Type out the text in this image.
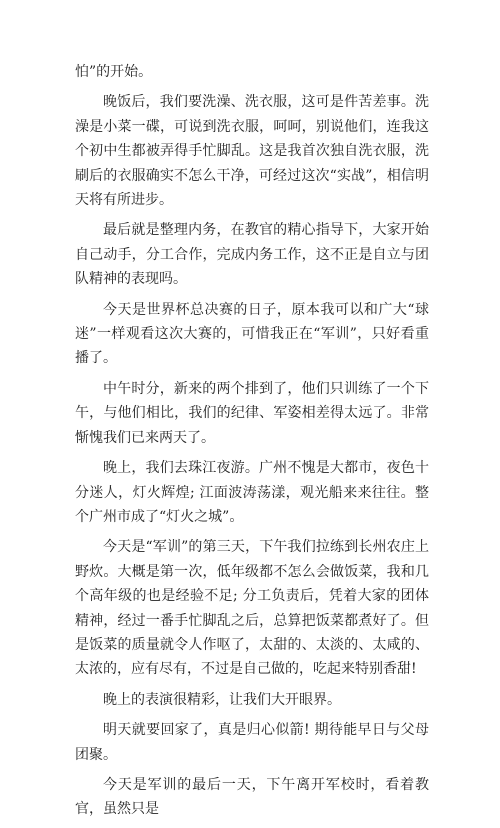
怕”的开始。

晚饭后，我们要洗澡、洗衣服，这可是件苦差事。洗澡是小菜一碟，可说到洗衣服，呵呵，别说他们，连我这个初中生都被弄得手忙脚乱。这是我首次独自洗衣服，洗刷后的衣服确实不怎么干净，可经过这次“实战”，相信明天将有所进步。

最后就是整理内务，在教官的精心指导下，大家开始自己动手，分工合作，完成内务工作，这不正是自立与团队精神的表现吗。

今天是世界杯总决赛的日子，原本我可以和广大“球迷”一样观看这次大赛的，可惜我正在“军训”，只好看重播了。

中午时分，新来的两个排到了，他们只训练了一个下午，与他们相比，我们的纪律、军姿相差得太远了。非常惭愧我们已来两天了。

晚上，我们去珠江夜游。广州不愧是大都市，夜色十分迷人，灯火辉煌; 江面波涛荡漾，观光船来来往往。整个广州市成了“灯火之城”。

今天是“军训”的第三天，下午我们拉练到长州农庄上野炊。大概是第一次，低年级都不怎么会做饭菜，我和几个高年级的也是经验不足; 分工负责后，凭着大家的团体精神，经过一番手忙脚乱之后，总算把饭菜都煮好了。但是饭菜的质量就令人作呕了，太甜的、太淡的、太咸的、太浓的，应有尽有，不过是自己做的，吃起来特别香甜!

晚上的表演很精彩，让我们大开眼界。

明天就要回家了，真是归心似箭! 期待能早日与父母团聚。

今天是军训的最后一天，下午离开军校时，看着教官，虽然只是
